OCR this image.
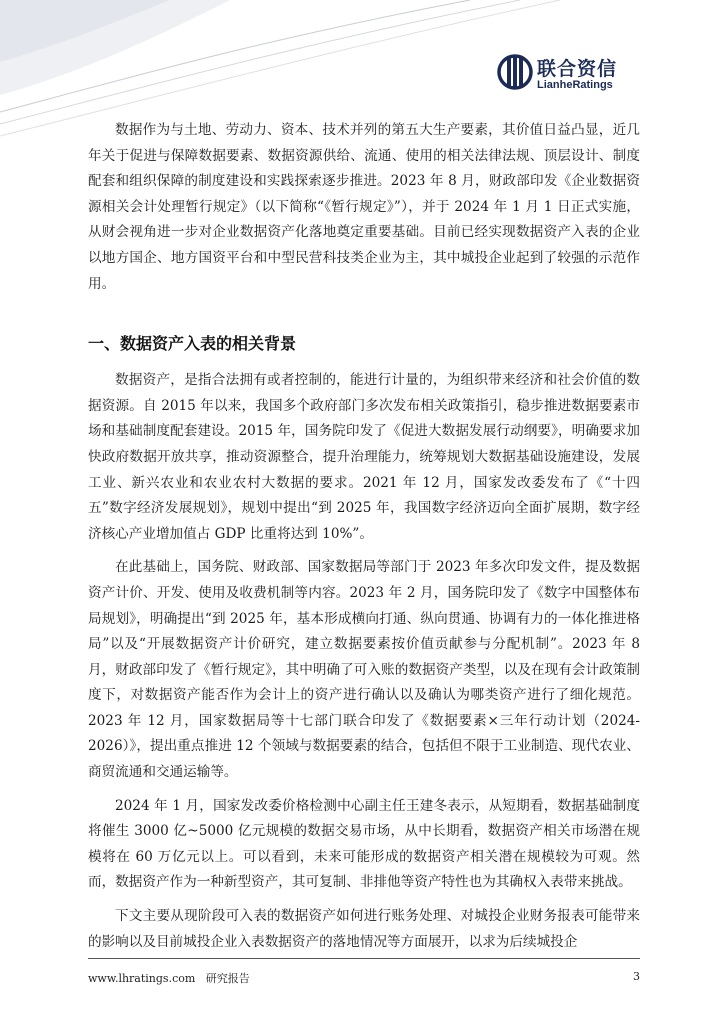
联合资信
LianheRatings

数据作为与土地、劳动力、资本、技术并列的第五大生产要素，其价值日益凸显，近几年关于促进与保障数据要素、数据资源供给、流通、使用的相关法律法规、顶层设计、制度配套和组织保障的制度建设和实践探索逐步推进。2023 年 8 月，财政部印发《企业数据资源相关会计处理暂行规定》（以下简称“《暂行规定》”），并于 2024 年 1 月 1 日正式实施，从财会视角进一步对企业数据资产化落地奠定重要基础。目前已经实现数据资产入表的企业以地方国企、地方国资平台和中型民营科技类企业为主，其中城投企业起到了较强的示范作用。

一、数据资产入表的相关背景

数据资产，是指合法拥有或者控制的，能进行计量的，为组织带来经济和社会价值的数据资源。自 2015 年以来，我国多个政府部门多次发布相关政策指引，稳步推进数据要素市场和基础制度配套建设。2015 年，国务院印发了《促进大数据发展行动纲要》，明确要求加快政府数据开放共享，推动资源整合，提升治理能力，统筹规划大数据基础设施建设，发展工业、新兴农业和农业农村大数据的要求。2021 年 12 月，国家发改委发布了《“十四五”数字经济发展规划》，规划中提出“到 2025 年，我国数字经济迈向全面扩展期，数字经济核心产业增加值占 GDP 比重将达到 10%”。

在此基础上，国务院、财政部、国家数据局等部门于 2023 年多次印发文件，提及数据资产计价、开发、使用及收费机制等内容。2023 年 2 月，国务院印发了《数字中国整体布局规划》，明确提出“到 2025 年，基本形成横向打通、纵向贯通、协调有力的一体化推进格局”以及“开展数据资产计价研究，建立数据要素按价值贡献参与分配机制”。2023 年 8 月，财政部印发了《暂行规定》，其中明确了可入账的数据资产类型，以及在现有会计政策制度下，对数据资产能否作为会计上的资产进行确认以及确认为哪类资产进行了细化规范。2023 年 12 月，国家数据局等十七部门联合印发了《数据要素×三年行动计划（2024-2026）》，提出重点推进 12 个领域与数据要素的结合，包括但不限于工业制造、现代农业、商贸流通和交通运输等。

2024 年 1 月，国家发改委价格检测中心副主任王建冬表示，从短期看，数据基础制度将催生 3000 亿~5000 亿元规模的数据交易市场，从中长期看，数据资产相关市场潜在规模将在 60 万亿元以上。可以看到，未来可能形成的数据资产相关潜在规模较为可观。然而，数据资产作为一种新型资产，其可复制、非排他等资产特性也为其确权入表带来挑战。

下文主要从现阶段可入表的数据资产如何进行账务处理、对城投企业财务报表可能带来的影响以及目前城投企业入表数据资产的落地情况等方面展开，以求为后续城投企

www.lhratings.com 研究报告	3
